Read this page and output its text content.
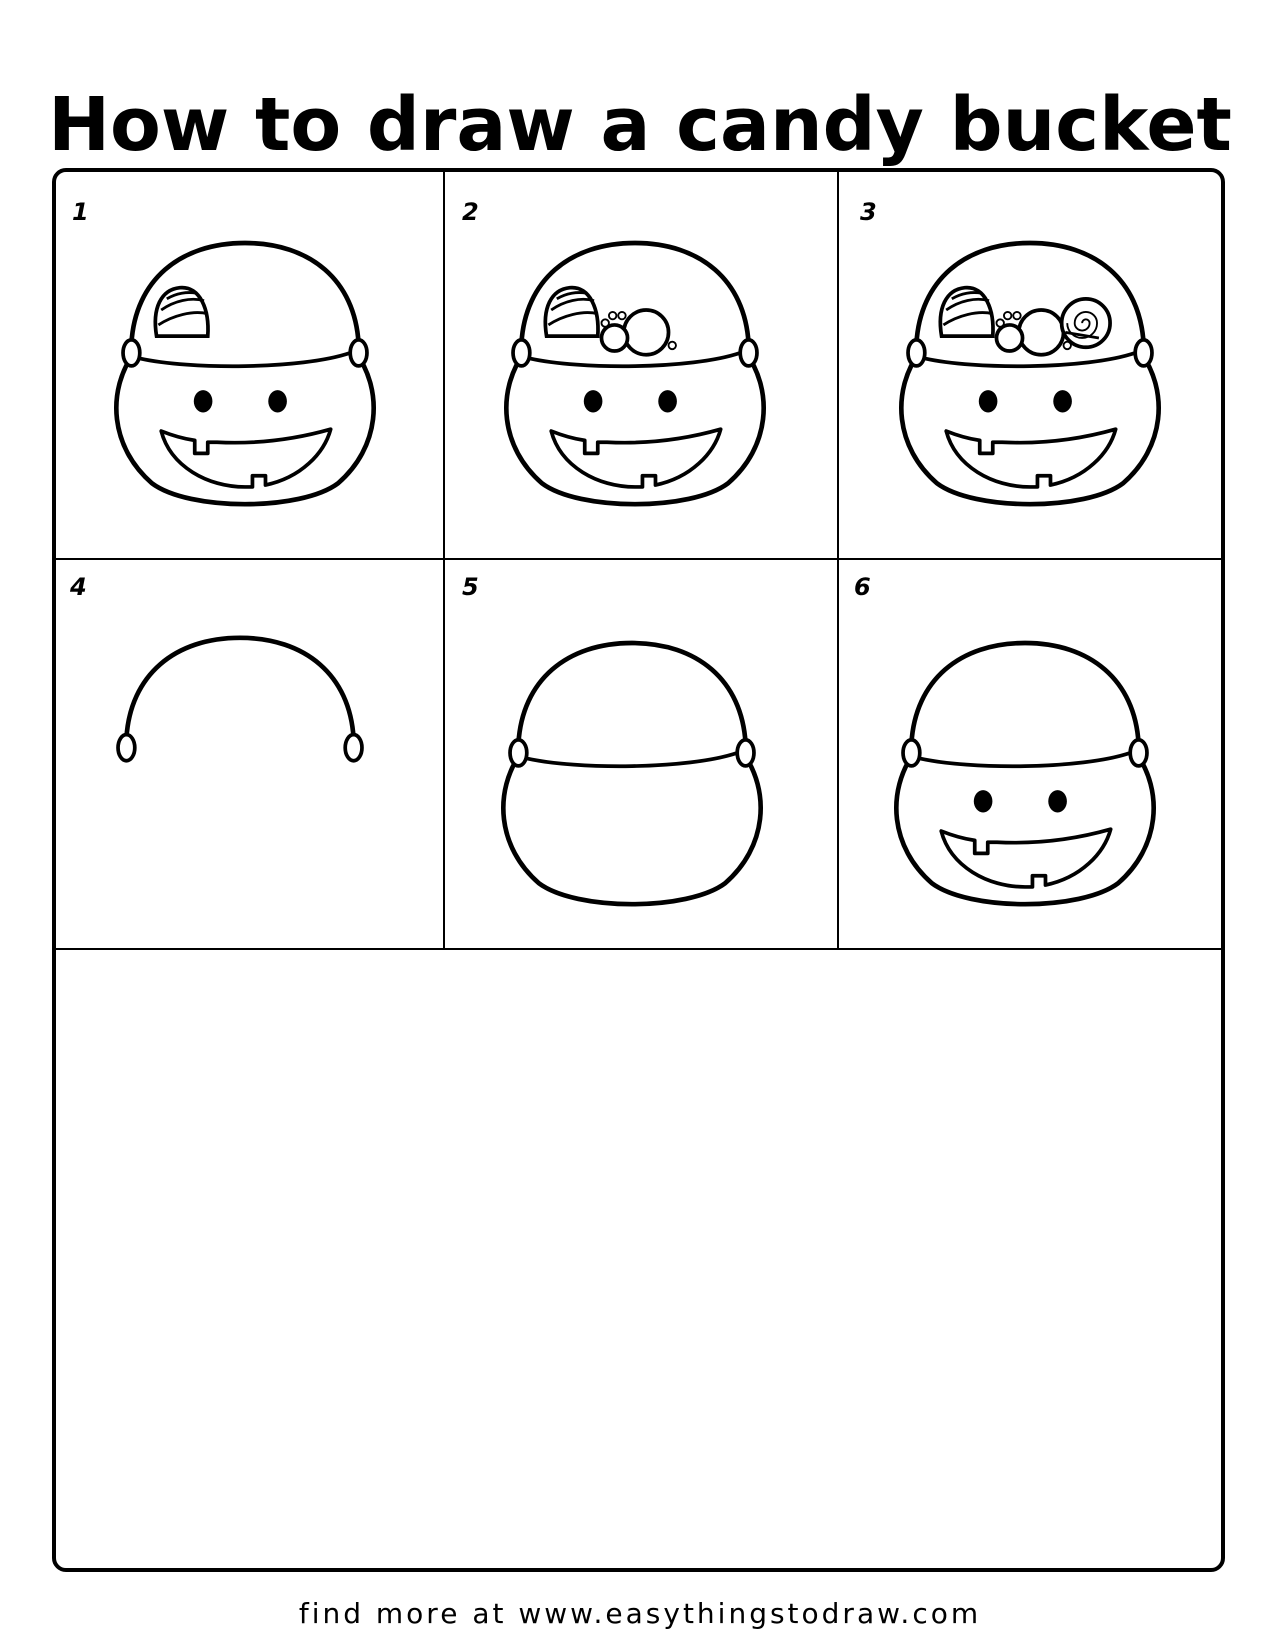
How to draw a candy bucket
1	2	3
4	5	6
find more at www.easythingstodraw.com
